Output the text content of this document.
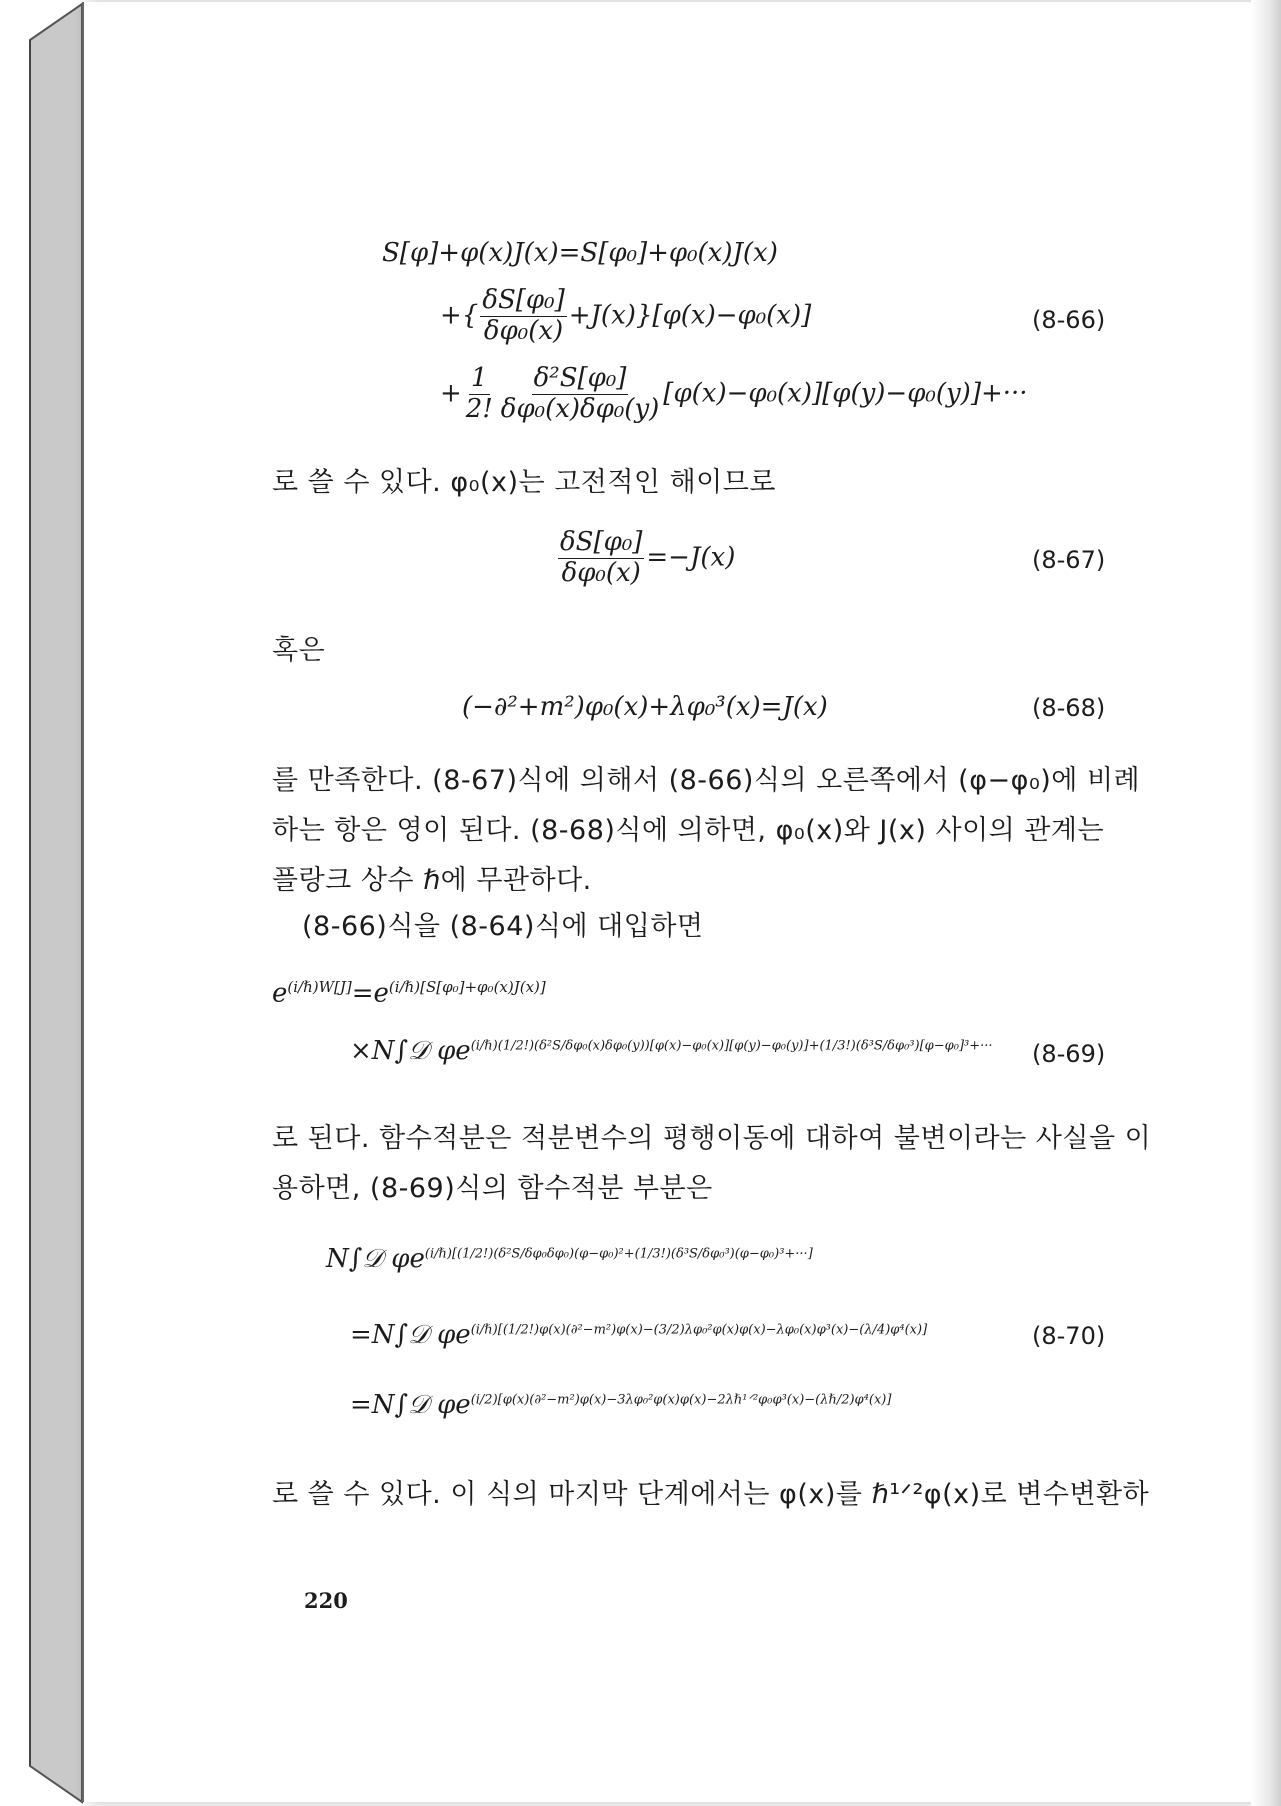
S[φ]+φ(x)J(x)=S[φ₀]+φ₀(x)J(x)
+{ $\frac{\text{δS[φ₀]}}{\text{δφ₀(x)}} +J(x)\}[\varphi(x)-\varphi_0(x)]$	(8-66)
+ $\frac{1}{2!} \frac{\text{δ²S[φ₀]}}{\text{δφ₀(x)δφ₀(y)}} [\varphi(x)-\varphi_0(x)][\varphi(y)-\varphi_0(y)]+\cdot\cdot\cdot$
로 쓸 수 있다. φ₀(x)는 고전적인 해이므로
$\frac{\text{δS[φ₀]}}{\text{δφ₀(x)}} =-J(x)$	(8-67)
혹은
(−∂²+m²)φ₀(x)+λφ₀³(x)=J(x)	(8-68)
를 만족한다. (8-67)식에 의해서 (8-66)식의 오른쪽에서 (φ−φ₀)에 비례
하는 항은 영이 된다. (8-68)식에 의하면, φ₀(x)와 J(x) 사이의 관계는
플랑크 상수 ℏ에 무관하다.
(8-66)식을 (8-64)식에 대입하면
$e^{(i/\hbar)W[J]}=e^{(i/\hbar)[S[\varphi_0]+\varphi_0(x)J(x)]}$
×N∫𝒟 $\varphi e^{(i/\hbar)(1/2!)(\delta^2S/\delta\varphi_0(x)\delta\varphi_0(y))[\varphi(x)-\varphi_0(x)][\varphi(y)-\varphi_0(y)]+(1/3!)(\delta^3S/\delta\varphi_0^3)[\varphi-\varphi_0]^3+\cdot\cdot\cdot}$ (8-69)
로 된다. 함수적분은 적분변수의 평행이동에 대하여 불변이라는 사실을 이
용하면, (8-69)식의 함수적분 부분은
N∫𝒟 $\varphi e^{(i/\hbar)[(1/2!)(\delta^2S/\delta\varphi_0\delta\varphi_0)(\varphi-\varphi_0)^2+(1/3!)(\delta^3S/\delta\varphi_0^3)(\varphi-\varphi_0)^3+\cdot\cdot\cdot]}$
=N∫𝒟 $\varphi e^{(i/\hbar)[(1/2!)\varphi(x)(\partial^2-m^2)\varphi(x)-(3/2)\lambda\varphi_0^2\varphi(x)\varphi(x)-\lambda\varphi_0(x)\varphi^3(x)-(\lambda/4)\varphi^4(x)]}$	(8-70)
=N∫𝒟 $\varphi e^{(i/2)[\varphi(x)(\partial^2-m^2)\varphi(x)-3\lambda\varphi_0^2\varphi(x)\varphi(x)-2\lambda\hbar^1ᐟ^2\varphi_0\varphi^3(x)-(\lambda\hbar/2)\varphi^4(x)]}$
로 쓸 수 있다. 이 식의 마지막 단계에서는 φ(x)를 ℏ¹ᐟ²φ(x)로 변수변환하
220
